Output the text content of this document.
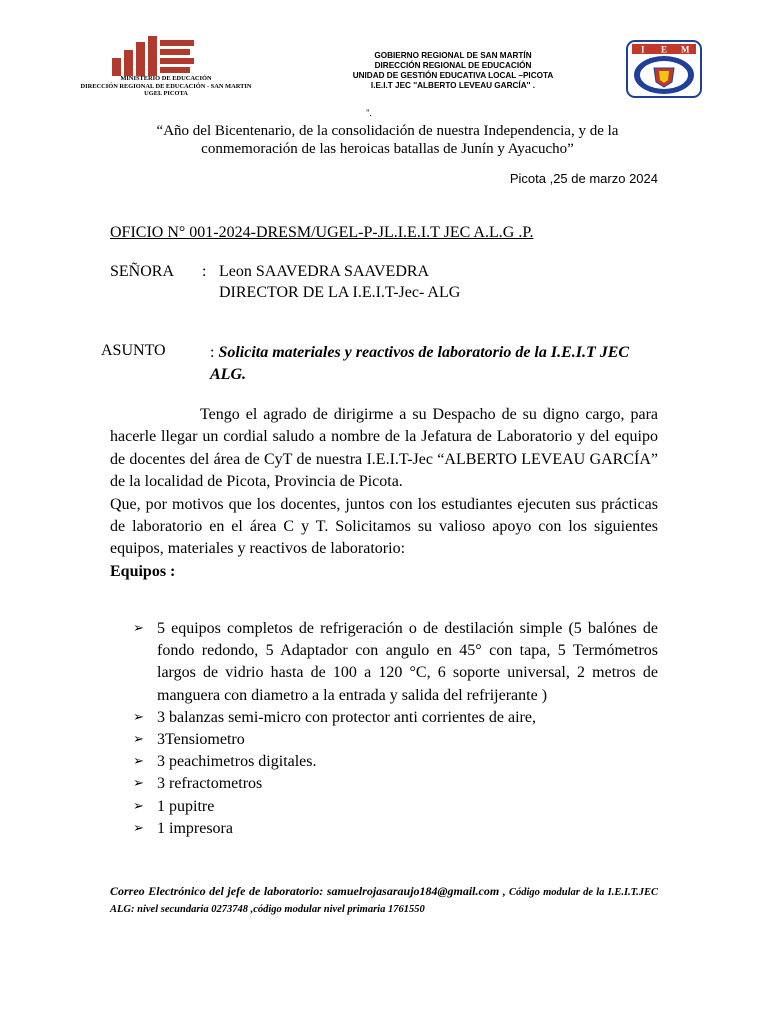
MINISTERIO DE EDUCACIÓN
DIRECCIÓN REGIONAL DE EDUCACIÓN - SAN MARTIN
UGEL PICOTA
GOBIERNO REGIONAL DE SAN MARTÍN
DIRECCIÓN REGIONAL DE EDUCACIÓN
UNIDAD DE GESTIÓN EDUCATIVA LOCAL –PICOTA
I.E.I.T JEC ''ALBERTO LEVEAU GARCÍA'' .
I E M
".
“Año del Bicentenario, de la consolidación de nuestra Independencia, y de la conmemoración de las heroicas batallas de Junín y Ayacucho”
Picota ,25 de marzo 2024
OFICIO N° 001-2024-DRESM/UGEL-P-JL.I.E.I.T JEC A.L.G .P.
SEÑORA : Leon SAAVEDRA SAAVEDRA
DIRECTOR DE LA I.E.I.T-Jec- ALG
ASUNTO	: Solicita materiales y reactivos de laboratorio de la I.E.I.T JEC ALG.

Tengo el agrado de dirigirme a su Despacho de su digno cargo, para hacerle llegar un cordial saludo a nombre de la Jefatura de Laboratorio y del equipo de docentes del área de CyT de nuestra I.E.I.T-Jec “ALBERTO LEVEAU GARCÍA” de la localidad de Picota, Provincia de Picota.

Que, por motivos que los docentes, juntos con los estudiantes ejecuten sus prácticas de laboratorio en el área C y T. Solicitamos su valioso apoyo con los siguientes equipos, materiales y reactivos de laboratorio:

Equipos :

➢ 5 equipos completos de refrigeración o de destilación simple (5 balónes de fondo redondo, 5 Adaptador con angulo en 45° con tapa, 5 Termómetros largos de vidrio hasta de 100 a 120 °C, 6 soporte universal, 2 metros de manguera con diametro a la entrada y salida del refrijerante )
➢ 3 balanzas semi-micro con protector anti corrientes de aire,
➢ 3Tensiometro
➢ 3 peachimetros digitales.
➢ 3 refractometros
➢ 1 pupitre
➢ 1 impresora
Correo Electrónico del jefe de laboratorio: samuelrojasaraujo184@gmail.com , Código modular de la I.E.I.T.JEC ALG: nivel secundaria 0273748 ,código modular nivel primaria 1761550
